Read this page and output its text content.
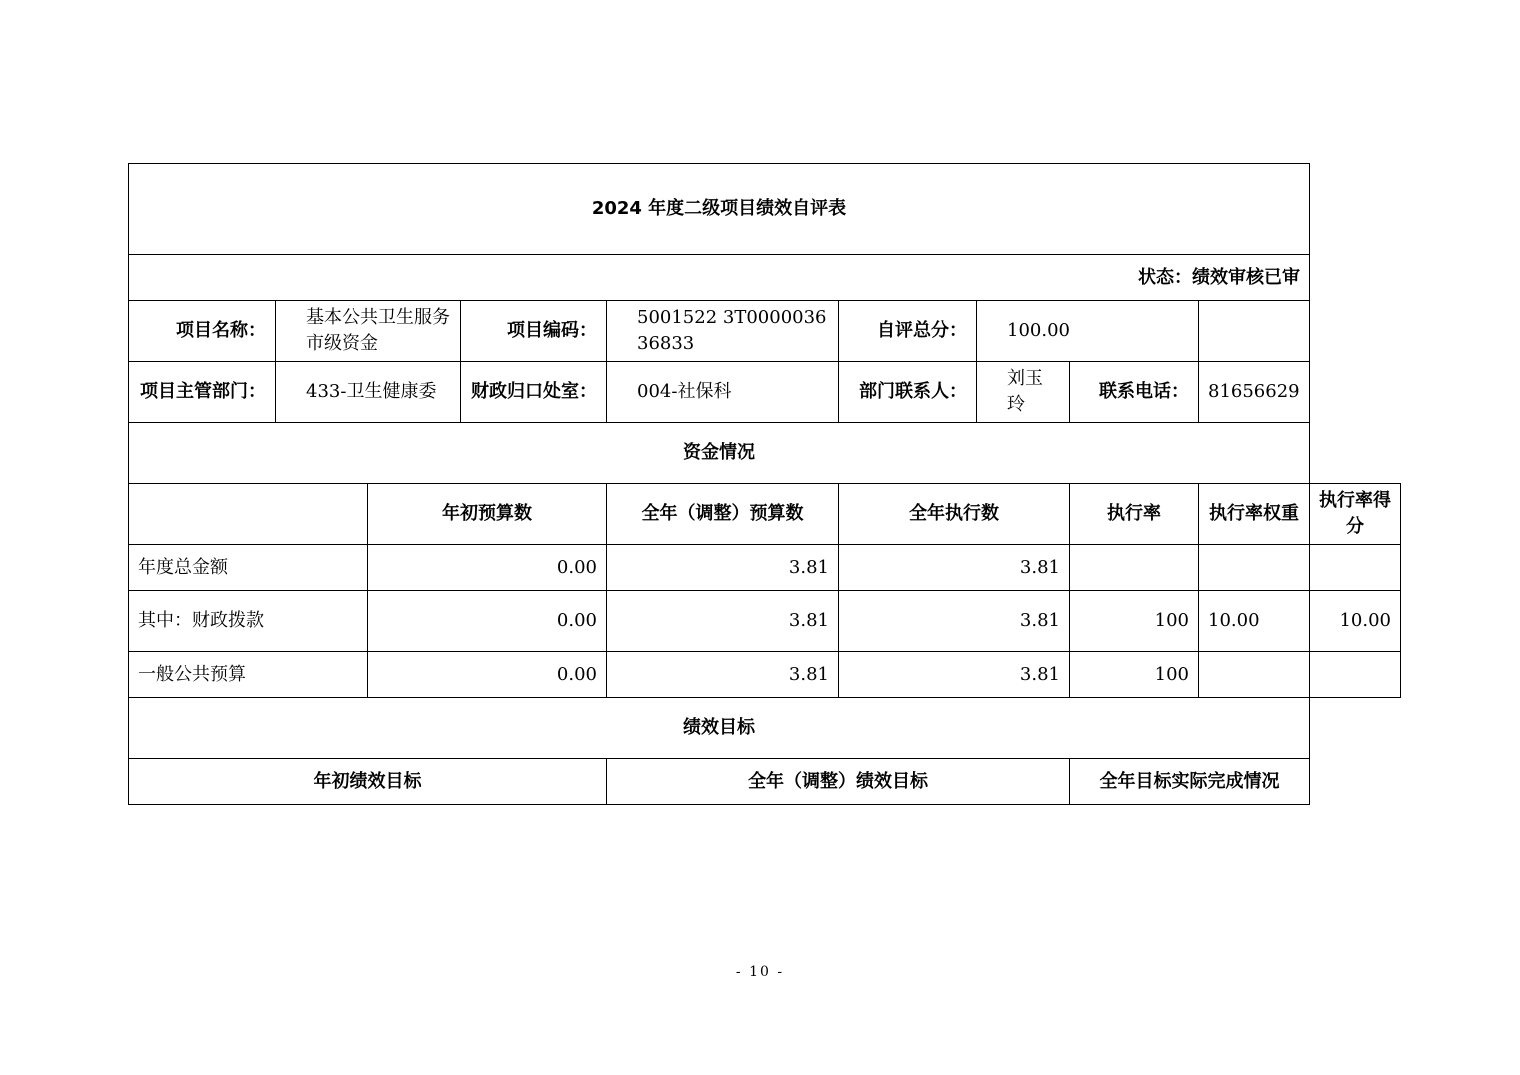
2024 年度二级项目绩效自评表									
状态：绩效审核已审									
项目名称：	基本公共卫生服务市级资金		项目编码：	5001522 3T000003636833	自评总分：	100.00			
项目主管部门：	433-卫生健康委		财政归口处室：	004-社保科	部门联系人：	刘玉玲	联系电话：	81656629	
资金情况									
		年初预算数		全年（调整）预算数	全年执行数		执行率	执行率权重	执行率得分
年度总金额		0.00		3.81	3.81				
其中：财政拨款		0.00		3.81	3.81		100	10.00	10.00
一般公共预算		0.00		3.81	3.81		100		
绩效目标									
年初绩效目标				全年（调整）绩效目标			全年目标实际完成情况		
- 10 -
